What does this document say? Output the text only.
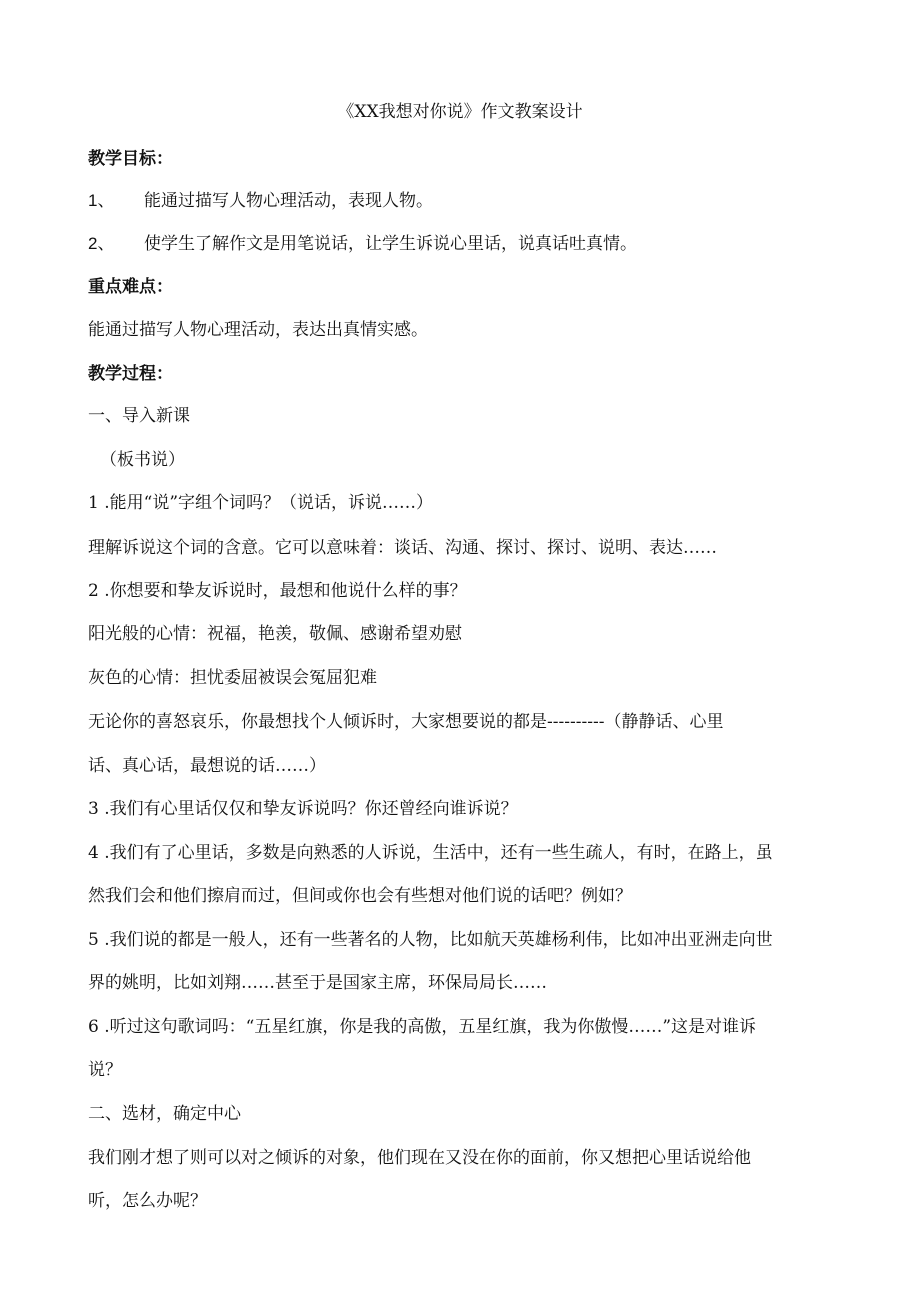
《XX我想对你说》作文教案设计
教学目标：
1、 能通过描写人物心理活动，表现人物。
2、 使学生了解作文是用笔说话，让学生诉说心里话，说真话吐真情。
重点难点：
能通过描写人物心理活动，表达出真情实感。
教学过程：
一、导入新课
（板书说）
1 .能用“说”字组个词吗？（说话，诉说……）
理解诉说这个词的含意。它可以意味着：谈话、沟通、探讨、探讨、说明、表达……
2 .你想要和挚友诉说时，最想和他说什么样的事？
阳光般的心情：祝福，艳羡，敬佩、感谢希望劝慰
灰色的心情：担忧委屈被误会冤屈犯难
无论你的喜怒哀乐，你最想找个人倾诉时，大家想要说的都是----------（静静话、心里
话、真心话，最想说的话……）
3 .我们有心里话仅仅和挚友诉说吗？你还曾经向谁诉说？
4 .我们有了心里话，多数是向熟悉的人诉说，生活中，还有一些生疏人，有时，在路上，虽
然我们会和他们擦肩而过，但间或你也会有些想对他们说的话吧？例如？
5 .我们说的都是一般人，还有一些著名的人物，比如航天英雄杨利伟，比如冲出亚洲走向世
界的姚明，比如刘翔……甚至于是国家主席，环保局局长……
6 .听过这句歌词吗：“五星红旗，你是我的高傲，五星红旗，我为你傲慢……”这是对谁诉
说？
二、选材，确定中心
我们刚才想了则可以对之倾诉的对象，他们现在又没在你的面前，你又想把心里话说给他
听，怎么办呢？
